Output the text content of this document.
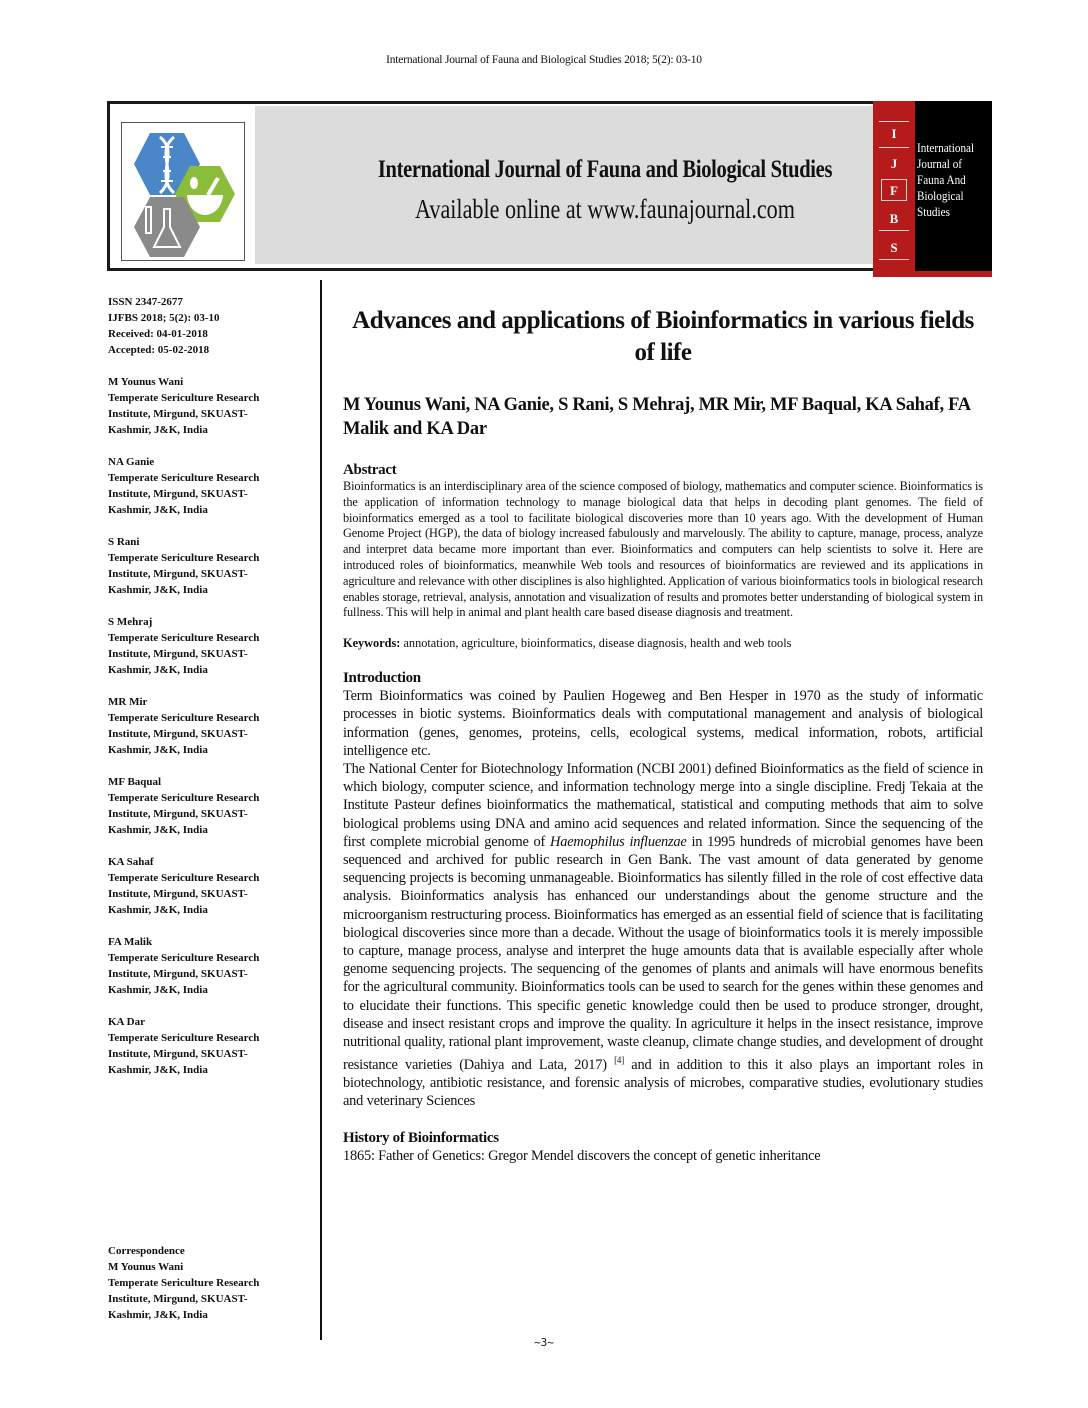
International Journal of Fauna and Biological Studies 2018; 5(2): 03-10
International Journal of Fauna and Biological Studies
Available online at www.faunajournal.com
I
J
F
B
S
International
Journal of
Fauna And
Biological
Studies
ISSN 2347-2677
IJFBS 2018; 5(2): 03-10
Received: 04-01-2018
Accepted: 05-02-2018
M Younus Wani
Temperate Sericulture Research
Institute, Mirgund, SKUAST-
Kashmir, J&K, India
NA Ganie
Temperate Sericulture Research
Institute, Mirgund, SKUAST-
Kashmir, J&K, India
S Rani
Temperate Sericulture Research
Institute, Mirgund, SKUAST-
Kashmir, J&K, India
S Mehraj
Temperate Sericulture Research
Institute, Mirgund, SKUAST-
Kashmir, J&K, India
MR Mir
Temperate Sericulture Research
Institute, Mirgund, SKUAST-
Kashmir, J&K, India
MF Baqual
Temperate Sericulture Research
Institute, Mirgund, SKUAST-
Kashmir, J&K, India
KA Sahaf
Temperate Sericulture Research
Institute, Mirgund, SKUAST-
Kashmir, J&K, India
FA Malik
Temperate Sericulture Research
Institute, Mirgund, SKUAST-
Kashmir, J&K, India
KA Dar
Temperate Sericulture Research
Institute, Mirgund, SKUAST-
Kashmir, J&K, India
Correspondence
M Younus Wani
Temperate Sericulture Research
Institute, Mirgund, SKUAST-
Kashmir, J&K, India
Advances and applications of Bioinformatics in various fields of life
M Younus Wani, NA Ganie, S Rani, S Mehraj, MR Mir, MF Baqual, KA Sahaf, FA Malik and KA Dar
Abstract
Bioinformatics is an interdisciplinary area of the science composed of biology, mathematics and computer science. Bioinformatics is the application of information technology to manage biological data that helps in decoding plant genomes. The field of bioinformatics emerged as a tool to facilitate biological discoveries more than 10 years ago. With the development of Human Genome Project (HGP), the data of biology increased fabulously and marvelously. The ability to capture, manage, process, analyze and interpret data became more important than ever. Bioinformatics and computers can help scientists to solve it. Here are introduced roles of bioinformatics, meanwhile Web tools and resources of bioinformatics are reviewed and its applications in agriculture and relevance with other disciplines is also highlighted. Application of various bioinformatics tools in biological research enables storage, retrieval, analysis, annotation and visualization of results and promotes better understanding of biological system in fullness. This will help in animal and plant health care based disease diagnosis and treatment.
Keywords: annotation, agriculture, bioinformatics, disease diagnosis, health and web tools
Introduction
Term Bioinformatics was coined by Paulien Hogeweg and Ben Hesper in 1970 as the study of informatic processes in biotic systems. Bioinformatics deals with computational management and analysis of biological information (genes, genomes, proteins, cells, ecological systems, medical information, robots, artificial intelligence etc.
The National Center for Biotechnology Information (NCBI 2001) defined Bioinformatics as the field of science in which biology, computer science, and information technology merge into a single discipline. Fredj Tekaia at the Institute Pasteur defines bioinformatics the mathematical, statistical and computing methods that aim to solve biological problems using DNA and amino acid sequences and related information. Since the sequencing of the first complete microbial genome of Haemophilus influenzae in 1995 hundreds of microbial genomes have been sequenced and archived for public research in Gen Bank. The vast amount of data generated by genome sequencing projects is becoming unmanageable. Bioinformatics has silently filled in the role of cost effective data analysis. Bioinformatics analysis has enhanced our understandings about the genome structure and the microorganism restructuring process. Bioinformatics has emerged as an essential field of science that is facilitating biological discoveries since more than a decade. Without the usage of bioinformatics tools it is merely impossible to capture, manage process, analyse and interpret the huge amounts data that is available especially after whole genome sequencing projects. The sequencing of the genomes of plants and animals will have enormous benefits for the agricultural community. Bioinformatics tools can be used to search for the genes within these genomes and to elucidate their functions. This specific genetic knowledge could then be used to produce stronger, drought, disease and insect resistant crops and improve the quality. In agriculture it helps in the insect resistance, improve nutritional quality, rational plant improvement, waste cleanup, climate change studies, and development of drought resistance varieties (Dahiya and Lata, 2017) [4] and in addition to this it also plays an important roles in biotechnology, antibiotic resistance, and forensic analysis of microbes, comparative studies, evolutionary studies and veterinary Sciences
History of Bioinformatics
1865: Father of Genetics: Gregor Mendel discovers the concept of genetic inheritance
~3~
